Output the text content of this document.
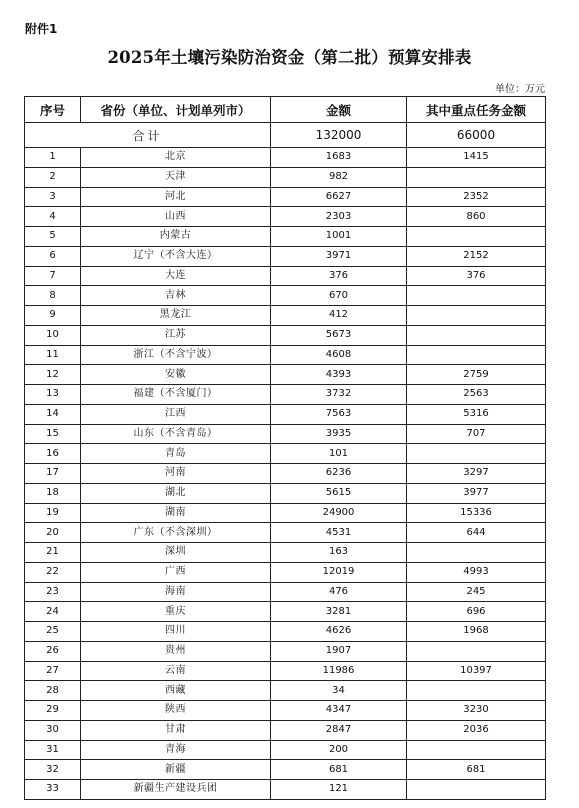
附件1
2025年土壤污染防治资金（第二批）预算安排表
单位：万元
序号	省份（单位、计划单列市）	金额	其中重点任务金额
合计		132000	66000
1	北京	1683	1415
2	天津	982	
3	河北	6627	2352
4	山西	2303	860
5	内蒙古	1001	
6	辽宁（不含大连）	3971	2152
7	大连	376	376
8	吉林	670	
9	黑龙江	412	
10	江苏	5673	
11	浙江（不含宁波）	4608	
12	安徽	4393	2759
13	福建（不含厦门）	3732	2563
14	江西	7563	5316
15	山东（不含青岛）	3935	707
16	青岛	101	
17	河南	6236	3297
18	湖北	5615	3977
19	湖南	24900	15336
20	广东（不含深圳）	4531	644
21	深圳	163	
22	广西	12019	4993
23	海南	476	245
24	重庆	3281	696
25	四川	4626	1968
26	贵州	1907	
27	云南	11986	10397
28	西藏	34	
29	陕西	4347	3230
30	甘肃	2847	2036
31	青海	200	
32	新疆	681	681
33	新疆生产建设兵团	121	
